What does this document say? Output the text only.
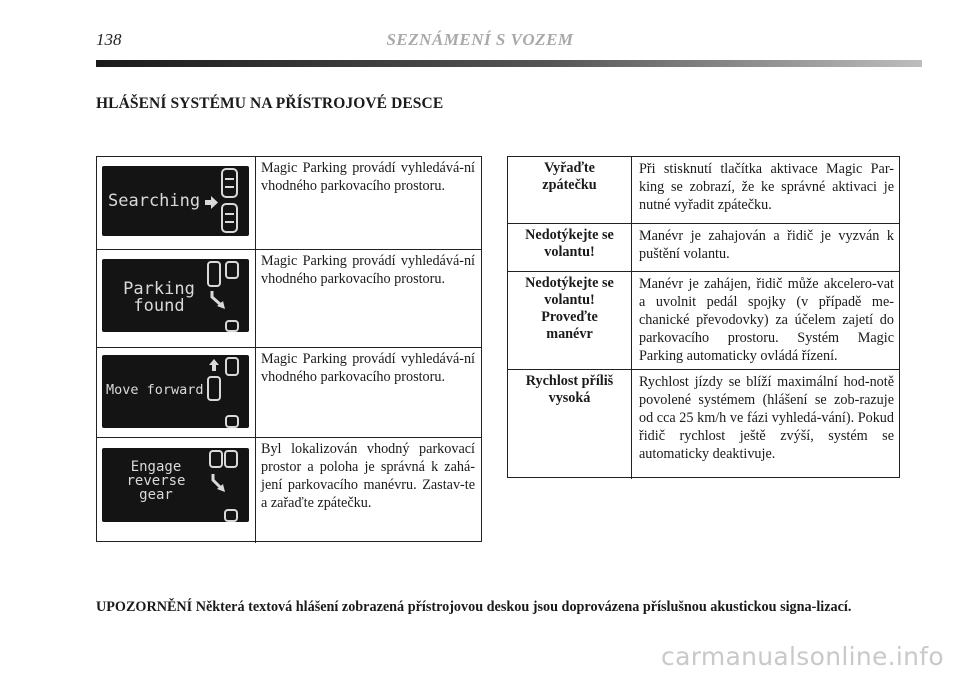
138	SEZNÁMENÍ S VOZEM
HLÁŠENÍ SYSTÉMU NA PŘÍSTROJOVÉ DESCE
Searching
Magic Parking provádí vyhledává-ní vhodného parkovacího prostoru.
Parking
found
Magic Parking provádí vyhledává-ní vhodného parkovacího prostoru.
Move forward
Magic Parking provádí vyhledává-ní vhodného parkovacího prostoru.
Engage
reverse
gear
Byl lokalizován vhodný parkovací prostor a poloha je správná k zahá-jení parkovacího manévru. Zastav-te a zařaďte zpátečku.
Vyřaďte zpátečku
Při stisknutí tlačítka aktivace Magic Par-king se zobrazí, že ke správné aktivaci je nutné vyřadit zpátečku.
Nedotýkejte se volantu!
Manévr je zahajován a řidič je vyzván k puštění volantu.
Nedotýkejte se volantu! Proveďte manévr
Manévr je zahájen, řidič může akcelero-vat a uvolnit pedál spojky (v případě me-chanické převodovky) za účelem zajetí do parkovacího prostoru. Systém Magic Parking automaticky ovládá řízení.
Rychlost příliš vysoká
Rychlost jízdy se blíží maximální hod-notě povolené systémem (hlášení se zob-razuje od cca 25 km/h ve fázi vyhledá-vání). Pokud řidič rychlost ještě zvýší, systém se automaticky deaktivuje.
UPOZORNĚNÍ Některá textová hlášení zobrazená přístrojovou deskou jsou doprovázena příslušnou akustickou signa-lizací.
carmanualsonline.info
